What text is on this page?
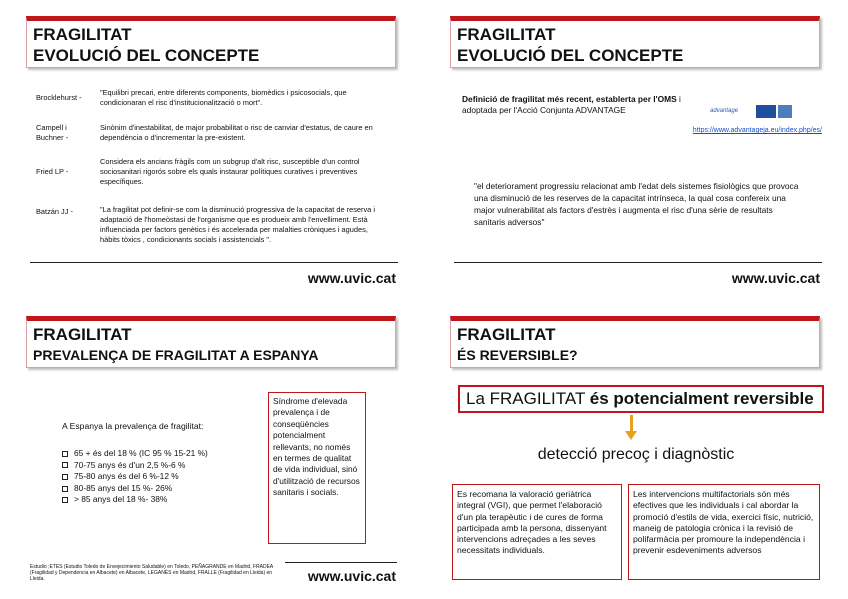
FRAGILITAT
EVOLUCIÓ DEL CONCEPTE
Brocklehurst -
"Equilibri precari, entre diferents components, biomèdics i psicosocials, que condicionaran el risc d'institucionalització o mort".
Campell i Buchner -
Sinònim d'inestabilitat, de major probabilitat o risc de canviar d'estatus, de caure en dependència o d'incrementar la pre-existent.
Fried LP -
Considera els ancians fràgils com un subgrup d'alt risc, susceptible d'un control sociosanitari rigorós sobre els quals instaurar polítiques curatives i preventives específiques.
Batzán JJ -	"La fragilitat pot definir-se com la disminució progressiva de la capacitat de reserva i adaptació de l'homeòstasi de l'organisme que es produeix amb l'envelliment. Està influenciada per factors genètics i és accelerada per malalties cròniques i agudes, hàbits tòxics , condicionants socials i assistencials ".
www.uvic.cat
FRAGILITAT
EVOLUCIÓ DEL CONCEPTE
Definició de fragilitat més recent, establerta per l'OMS i adoptada per l'Acció Conjunta ADVANTAGE	advantage
https://www.advantageja.eu/index.php/es/
"el deteriorament progressiu relacionat amb l'edat dels sistemes fisiològics que provoca una disminució de les reserves de la capacitat intrínseca, la qual cosa confereix una major vulnerabilitat als factors d'estrès i augmenta el risc d'una sèrie de resultats sanitaris adversos"
www.uvic.cat
FRAGILITAT
PREVALENÇA DE FRAGILITAT A ESPANYA
A Espanya la prevalença de fragilitat:
65 + és del 18 % (IC 95 % 15-21 %)
70-75 anys és d'un 2,5 %-6 %
75-80 anys és del 6 %-12 %
80-85 anys del 15 %- 26%
> 85 anys del 18 %- 38%
Síndrome d'elevada prevalença i de conseqüències potencialment rellevants, no només en termes de qualitat de vida individual, sinó d'utilització de recursos sanitaris i socials.
Estudio ;ETES (Estudio Toledo de Envejecimiento Saludable) en Toledo, PEÑAGRANDE en Madrid, FRADEA (Fragilidad y Dependencia en Albacete) en Albacete, LEGANÉS en Madrid, FRALLE (Fragilidad en Lleida) en Lleida.	www.uvic.cat
FRAGILITAT
ÉS REVERSIBLE?
La FRAGILITAT és potencialment reversible
detecció precoç i diagnòstic
Es recomana la valoració geriàtrica integral (VGI), que permet l'elaboració d'un pla terapèutic i de cures de forma participada amb la persona, dissenyant intervencions adreçades a les seves necessitats individuals.
Les intervencions multifactorials són més efectives que les individuals i cal abordar la promoció d'estils de vida, exercici físic, nutrició, maneig de patologia crònica i la revisió de polifarmàcia per promoure la independència i prevenir esdeveniments adversos
